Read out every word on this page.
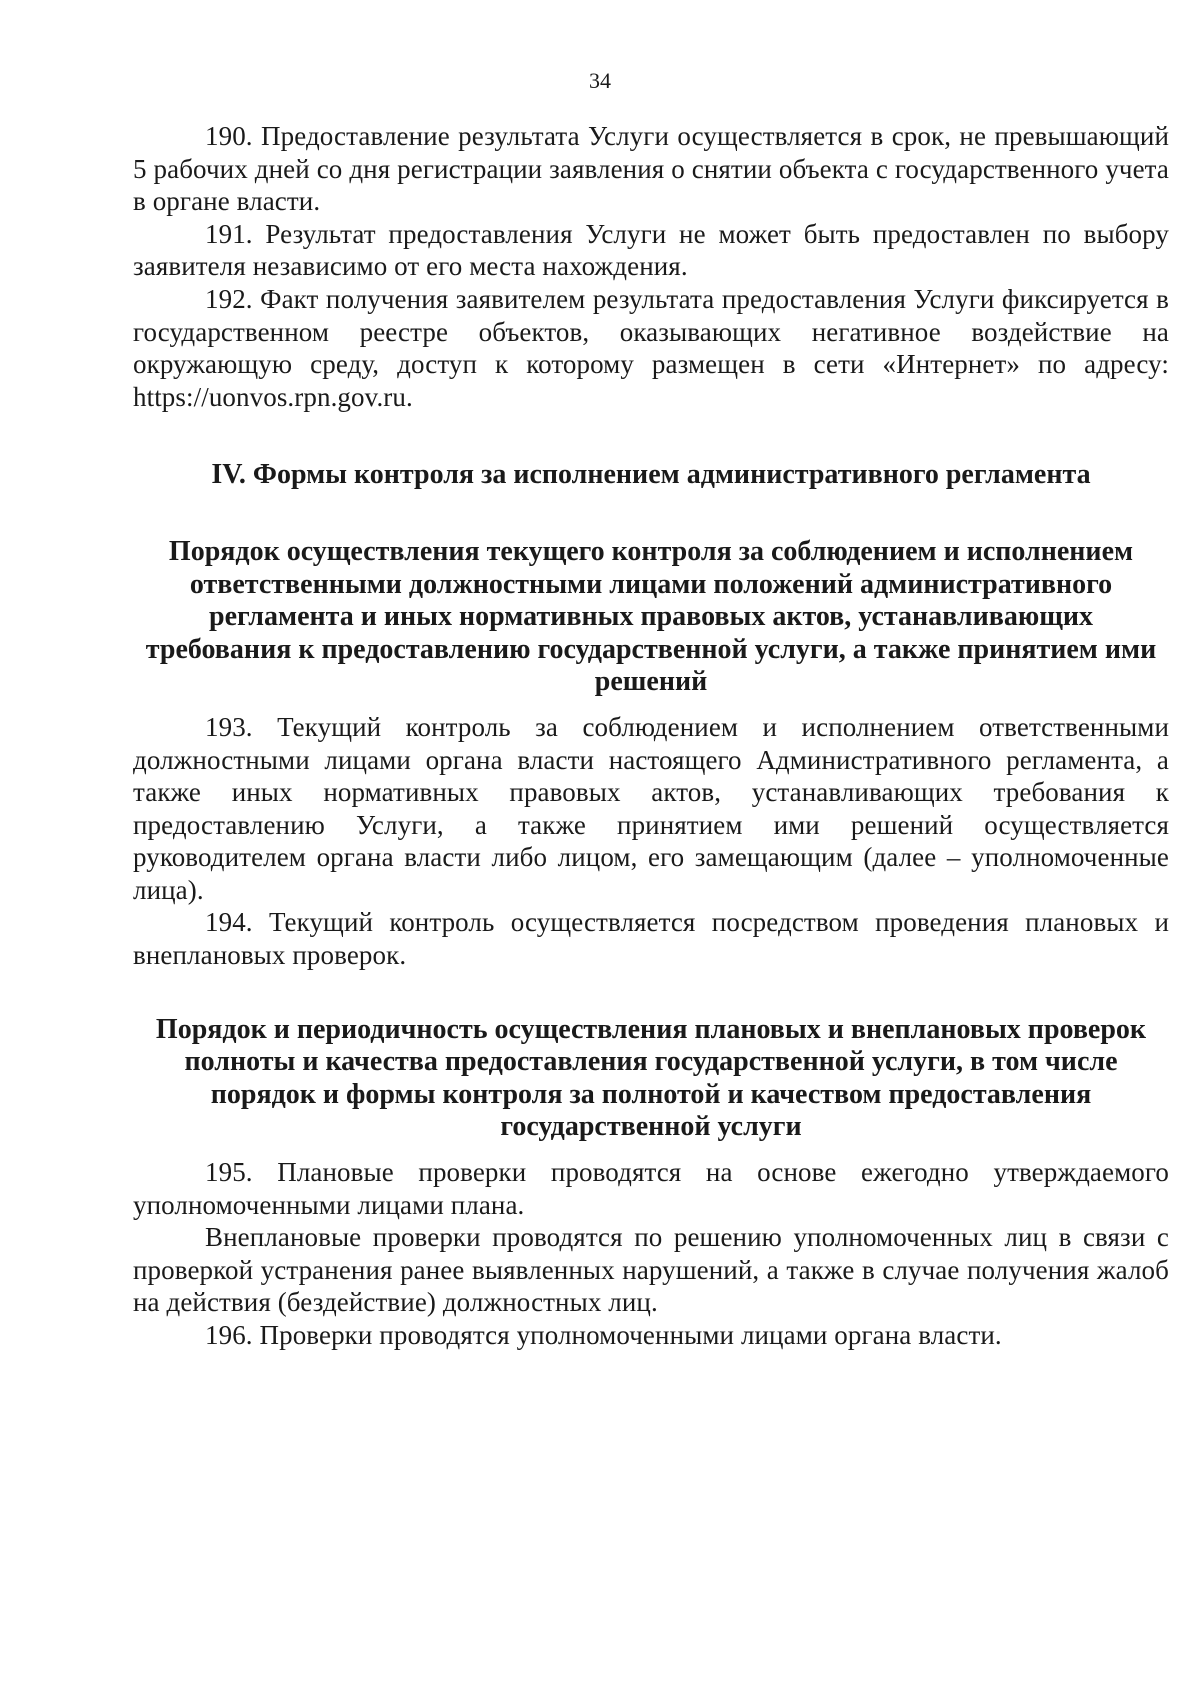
34

190. Предоставление результата Услуги осуществляется в срок, не превышающий 5 рабочих дней со дня регистрации заявления о снятии объекта с государственного учета в органе власти.

191. Результат предоставления Услуги не может быть предоставлен по выбору заявителя независимо от его места нахождения.

192. Факт получения заявителем результата предоставления Услуги фиксируется в государственном реестре объектов, оказывающих негативное воздействие на окружающую среду, доступ к которому размещен в сети «Интернет» по адресу: https://uonvos.rpn.gov.ru.

IV. Формы контроля за исполнением административного регламента
Порядок осуществления текущего контроля за соблюдением и исполнением ответственными должностными лицами положений административного регламента и иных нормативных правовых актов, устанавливающих требования к предоставлению государственной услуги, а также принятием ими решений

193. Текущий контроль за соблюдением и исполнением ответственными должностными лицами органа власти настоящего Административного регламента, а также иных нормативных правовых актов, устанавливающих требования к предоставлению Услуги, а также принятием ими решений осуществляется руководителем органа власти либо лицом, его замещающим (далее – уполномоченные лица).

194. Текущий контроль осуществляется посредством проведения плановых и внеплановых проверок.

Порядок и периодичность осуществления плановых и внеплановых проверок полноты и качества предоставления государственной услуги, в том числе порядок и формы контроля за полнотой и качеством предоставления государственной услуги

195. Плановые проверки проводятся на основе ежегодно утверждаемого уполномоченными лицами плана.

Внеплановые проверки проводятся по решению уполномоченных лиц в связи с проверкой устранения ранее выявленных нарушений, а также в случае получения жалоб на действия (бездействие) должностных лиц.

196. Проверки проводятся уполномоченными лицами органа власти.
